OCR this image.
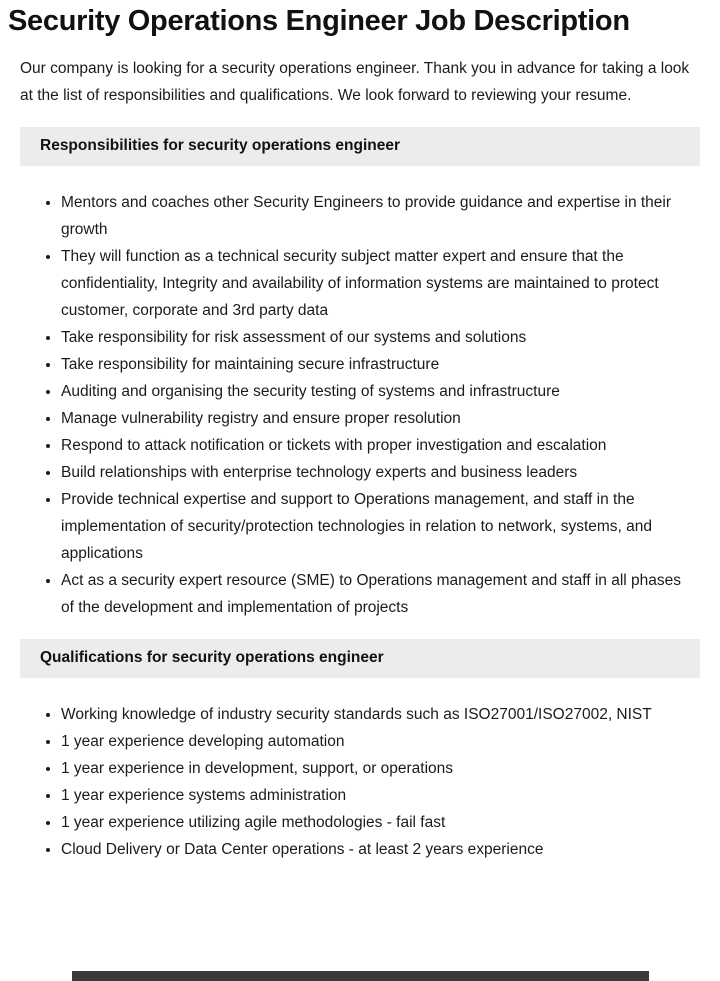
Security Operations Engineer Job Description

Our company is looking for a security operations engineer. Thank you in advance for taking a look at the list of responsibilities and qualifications. We look forward to reviewing your resume.

Responsibilities for security operations engineer
• Mentors and coaches other Security Engineers to provide guidance and expertise in their growth
• They will function as a technical security subject matter expert and ensure that the confidentiality, Integrity and availability of information systems are maintained to protect customer, corporate and 3rd party data
• Take responsibility for risk assessment of our systems and solutions
• Take responsibility for maintaining secure infrastructure
• Auditing and organising the security testing of systems and infrastructure
• Manage vulnerability registry and ensure proper resolution
• Respond to attack notification or tickets with proper investigation and escalation
• Build relationships with enterprise technology experts and business leaders
• Provide technical expertise and support to Operations management, and staff in the implementation of security/protection technologies in relation to network, systems, and applications
• Act as a security expert resource (SME) to Operations management and staff in all phases of the development and implementation of projects
Qualifications for security operations engineer
• Working knowledge of industry security standards such as ISO27001/ISO27002, NIST
• 1 year experience developing automation
• 1 year experience in development, support, or operations
• 1 year experience systems administration
• 1 year experience utilizing agile methodologies - fail fast
• Cloud Delivery or Data Center operations - at least 2 years experience
